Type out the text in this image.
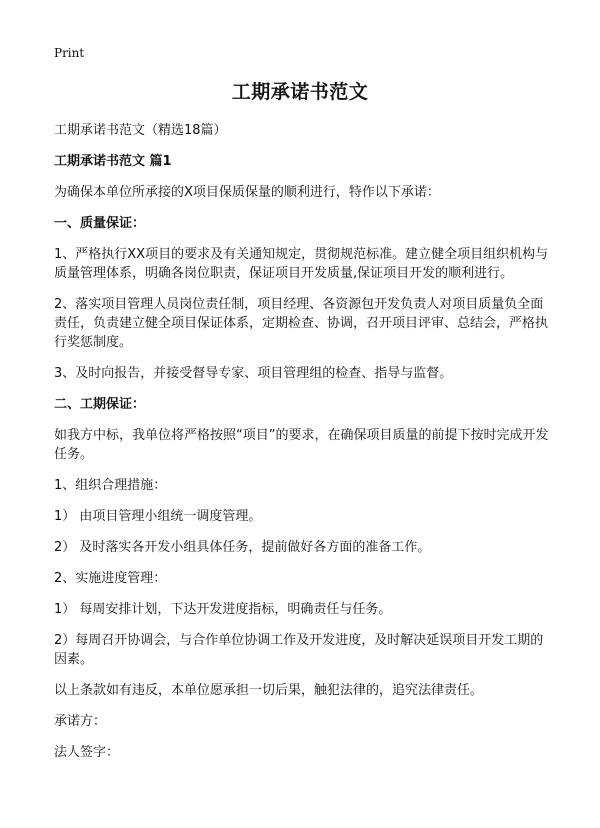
Print
工期承诺书范文

工期承诺书范文（精选18篇）

工期承诺书范文 篇1

为确保本单位所承接的X项目保质保量的顺利进行，特作以下承诺：

一、质量保证：

1、严格执行XX项目的要求及有关通知规定，贯彻规范标准。建立健全项目组织机构与质量管理体系，明确各岗位职责，保证项目开发质量,保证项目开发的顺利进行。

2、落实项目管理人员岗位责任制，项目经理、各资源包开发负责人对项目质量负全面责任，负责建立健全项目保证体系，定期检查、协调，召开项目评审、总结会，严格执行奖惩制度。

3、及时向报告，并接受督导专家、项目管理组的检查、指导与监督。

二、工期保证：

如我方中标，我单位将严格按照“项目”的要求，在确保项目质量的前提下按时完成开发任务。

1、组织合理措施：

1） 由项目管理小组统一调度管理。

2） 及时落实各开发小组具体任务，提前做好各方面的准备工作。

2、实施进度管理：

1） 每周安排计划，下达开发进度指标，明确责任与任务。

2）每周召开协调会，与合作单位协调工作及开发进度，及时解决延误项目开发工期的因素。

以上条款如有违反，本单位愿承担一切后果，触犯法律的，追究法律责任。

承诺方：

法人签字：
